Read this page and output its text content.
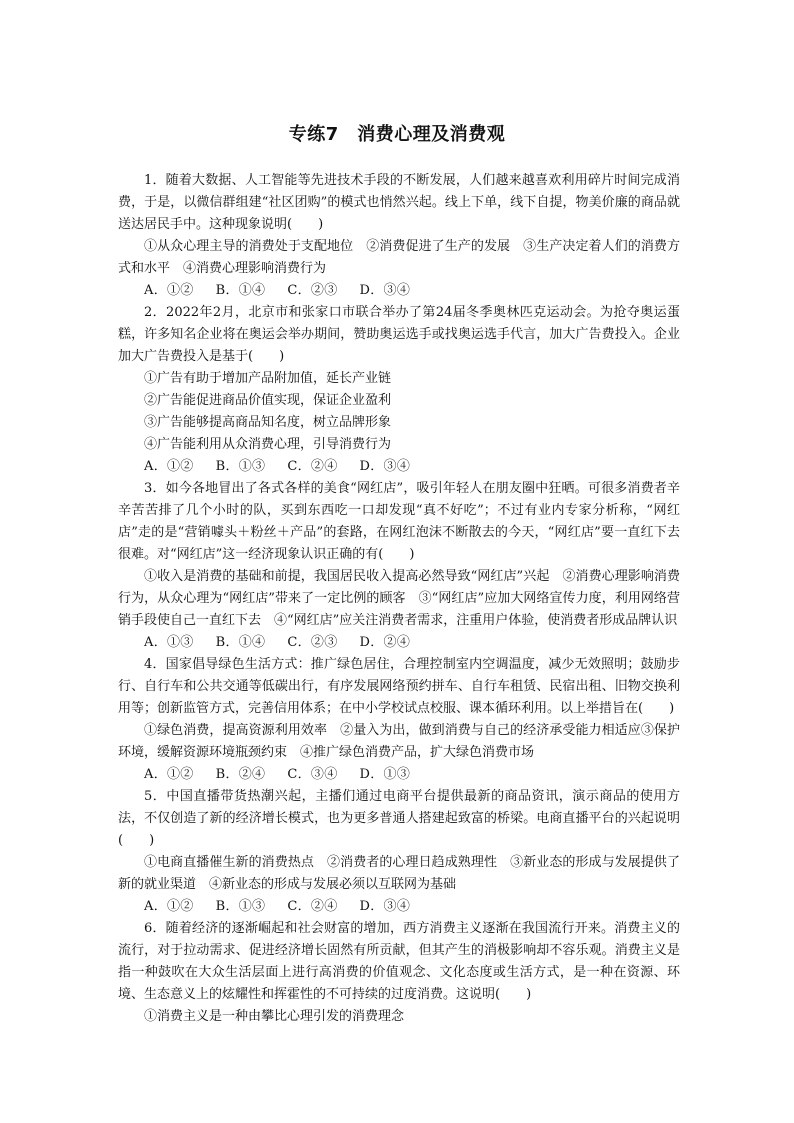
专练7　消费心理及消费观

1．随着大数据、人工智能等先进技术手段的不断发展，人们越来越喜欢利用碎片时间完成消费，于是，以微信群组建“社区团购”的模式也悄然兴起。线上下单，线下自提，物美价廉的商品就送达居民手中。这种现象说明(　　)

①从众心理主导的消费处于支配地位　②消费促进了生产的发展　③生产决定着人们的消费方式和水平　④消费心理影响消费行为

A．①② B．①④ C．②③ D．③④

2．2022年2月，北京市和张家口市联合举办了第24届冬季奥林匹克运动会。为抢夺奥运蛋糕，许多知名企业将在奥运会举办期间，赞助奥运选手或找奥运选手代言，加大广告费投入。企业加大广告费投入是基于(　　)

①广告有助于增加产品附加值，延长产业链

②广告能促进商品价值实现，保证企业盈利

③广告能够提高商品知名度，树立品牌形象

④广告能利用从众消费心理，引导消费行为

A．①② B．①③ C．②④ D．③④

3．如今各地冒出了各式各样的美食“网红店”，吸引年轻人在朋友圈中狂晒。可很多消费者辛辛苦苦排了几个小时的队，买到东西吃一口却发现“真不好吃”；不过有业内专家分析称，“网红店”走的是“营销噱头＋粉丝＋产品”的套路，在网红泡沫不断散去的今天，“网红店”要一直红下去很难。对“网红店”这一经济现象认识正确的有(　　)

①收入是消费的基础和前提，我国居民收入提高必然导致“网红店”兴起　②消费心理影响消费行为，从众心理为“网红店”带来了一定比例的顾客　③“网红店”应加大网络宣传力度，利用网络营销手段使自己一直红下去　④“网红店”应关注消费者需求，注重用户体验，使消费者形成品牌认识

A．①③ B．①④ C．②③ D．②④

4．国家倡导绿色生活方式：推广绿色居住，合理控制室内空调温度，减少无效照明；鼓励步行、自行车和公共交通等低碳出行，有序发展网络预约拼车、自行车租赁、民宿出租、旧物交换利用等；创新监管方式，完善信用体系；在中小学校试点校服、课本循环利用。以上举措旨在(　　)

①绿色消费，提高资源利用效率　②量入为出，做到消费与自己的经济承受能力相适应③保护环境，缓解资源环境瓶颈约束　④推广绿色消费产品，扩大绿色消费市场

A．①② B．②④ C．③④ D．①③

5．中国直播带货热潮兴起，主播们通过电商平台提供最新的商品资讯，演示商品的使用方法，不仅创造了新的经济增长模式，也为更多普通人搭建起致富的桥梁。电商直播平台的兴起说明(　　)

①电商直播催生新的消费热点　②消费者的心理日趋成熟理性　③新业态的形成与发展提供了新的就业渠道　④新业态的形成与发展必须以互联网为基础

A．①② B．①③ C．②④ D．③④

6．随着经济的逐渐崛起和社会财富的增加，西方消费主义逐渐在我国流行开来。消费主义的流行，对于拉动需求、促进经济增长固然有所贡献，但其产生的消极影响却不容乐观。消费主义是指一种鼓吹在大众生活层面上进行高消费的价值观念、文化态度或生活方式，是一种在资源、环境、生态意义上的炫耀性和挥霍性的不可持续的过度消费。这说明(　　)

①消费主义是一种由攀比心理引发的消费理念
